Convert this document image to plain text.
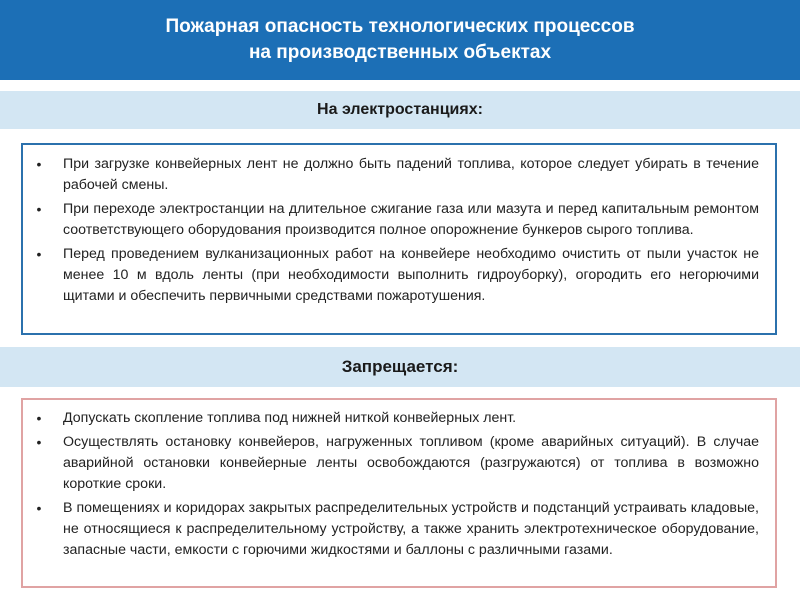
Пожарная опасность технологических процессов
на производственных объектах
На электростанциях:
• При загрузке конвейерных лент не должно быть падений топлива, которое следует убирать в течение рабочей смены.
• При переходе электростанции на длительное сжигание газа или мазута и перед капитальным ремонтом соответствующего оборудования производится полное опорожнение бункеров сырого топлива.
• Перед проведением вулканизационных работ на конвейере необходимо очистить от пыли участок не менее 10 м вдоль ленты (при необходимости выполнить гидроуборку), огородить его негорючими щитами и обеспечить первичными средствами пожаротушения.
Запрещается:
• Допускать скопление топлива под нижней ниткой конвейерных лент.
• Осуществлять остановку конвейеров, нагруженных топливом (кроме аварийных ситуаций). В случае аварийной остановки конвейерные ленты освобождаются (разгружаются) от топлива в возможно короткие сроки.
• В помещениях и коридорах закрытых распределительных устройств и подстанций устраивать кладовые, не относящиеся к распределительному устройству, а также хранить электротехническое оборудование, запасные части, емкости с горючими жидкостями и баллоны с различными газами.
